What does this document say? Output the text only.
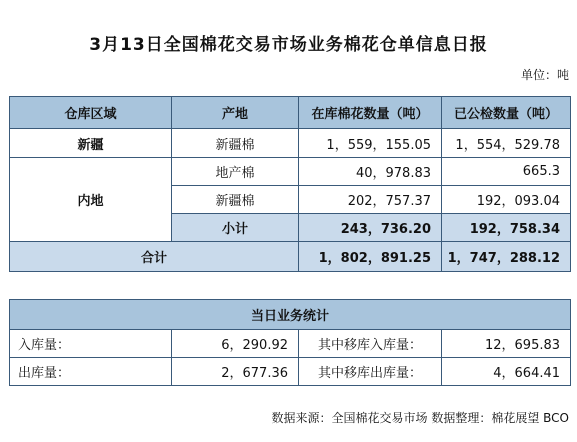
3月13日全国棉花交易市场业务棉花仓单信息日报
单位：吨
仓库区域	产地	在库棉花数量（吨）	已公检数量（吨）
新疆	新疆棉	1，559，155.05	1，554，529.78
内地	地产棉	40，978.83	665.3
	新疆棉	202，757.37	192，093.04
	小计	243，736.20	192，758.34
合计		1，802，891.25	1，747，288.12
当日业务统计			
入库量：	6，290.92	其中移库入库量：	12，695.83
出库量：	2，677.36	其中移库出库量：	4，664.41
数据来源：全国棉花交易市场 数据整理：棉花展望 BCO
